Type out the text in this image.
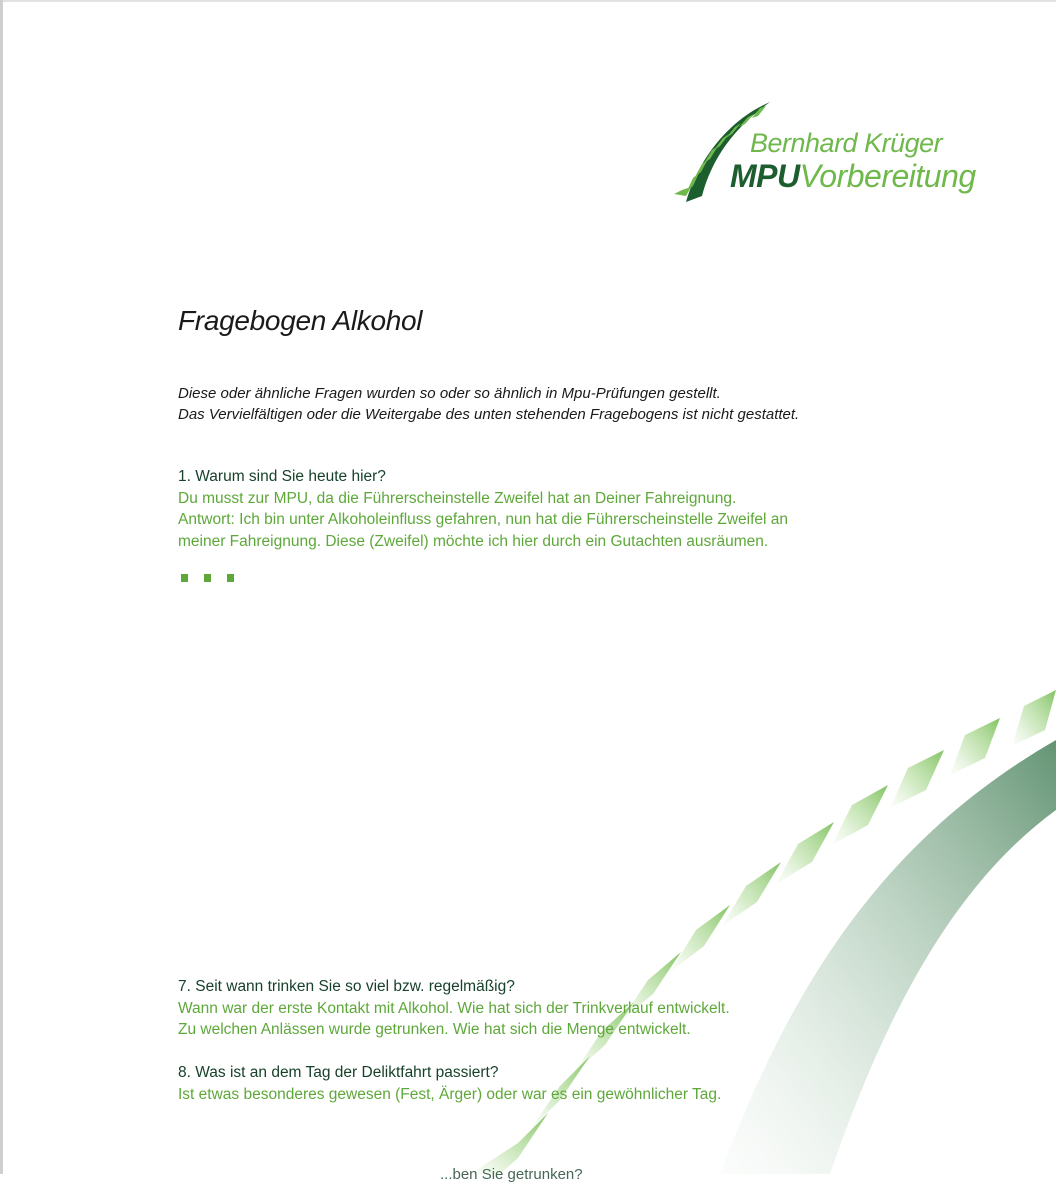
Bernhard Krüger
MPUVorbereitung
Fragebogen Alkohol
Diese oder ähnliche Fragen wurden so oder so ähnlich in Mpu-Prüfungen gestellt.
Das Vervielfältigen oder die Weitergabe des unten stehenden Fragebogens ist nicht gestattet.
1. Warum sind Sie heute hier?
Du musst zur MPU, da die Führerscheinstelle Zweifel hat an Deiner Fahreignung.
Antwort: Ich bin unter Alkoholeinfluss gefahren, nun hat die Führerscheinstelle Zweifel an
meiner Fahreignung. Diese (Zweifel) möchte ich hier durch ein Gutachten ausräumen.
7. Seit wann trinken Sie so viel bzw. regelmäßig?
Wann war der erste Kontakt mit Alkohol. Wie hat sich der Trinkverlauf entwickelt.
Zu welchen Anlässen wurde getrunken. Wie hat sich die Menge entwickelt.
8. Was ist an dem Tag der Deliktfahrt passiert?
Ist etwas besonderes gewesen (Fest, Ärger) oder war es ein gewöhnlicher Tag.
...ben Sie getrunken?
